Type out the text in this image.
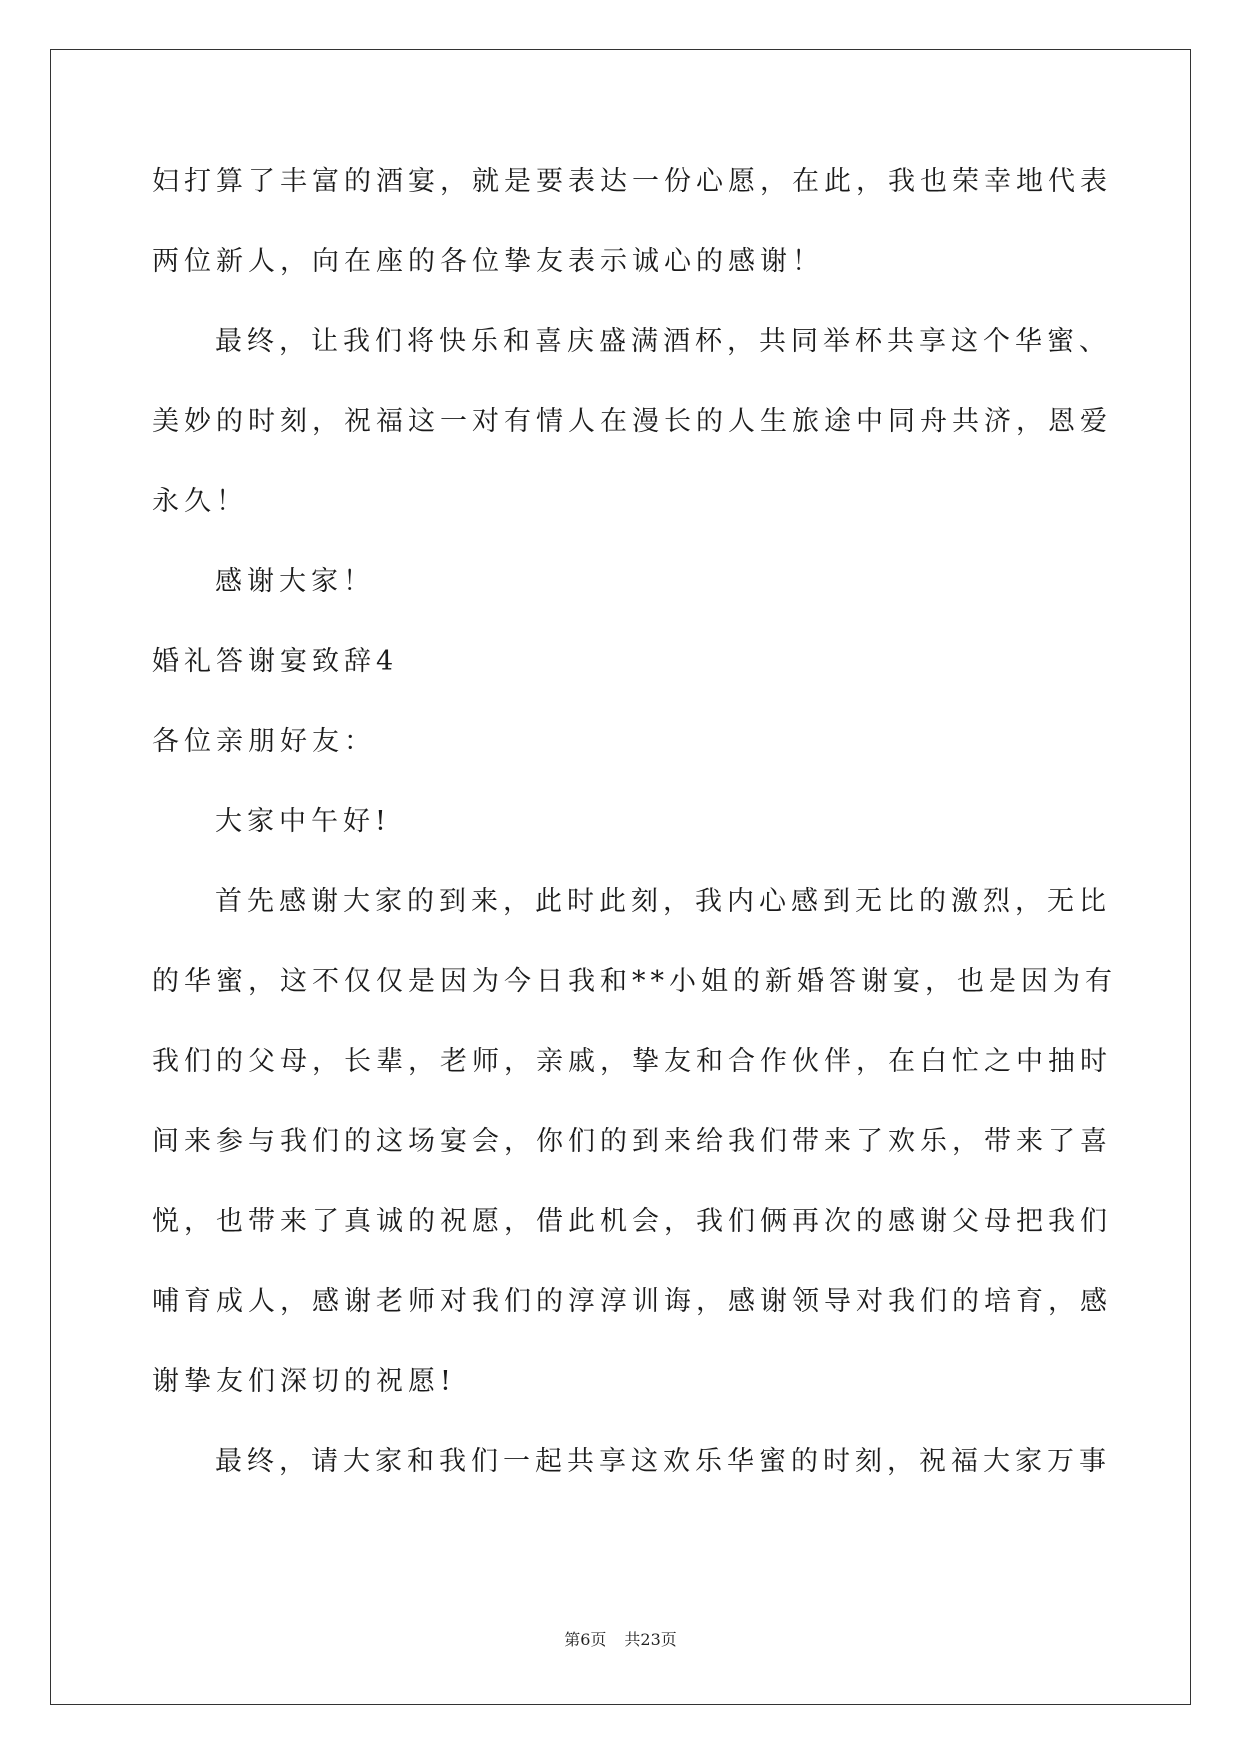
妇打算了丰富的酒宴，就是要表达一份心愿，在此，我也荣幸地代表
两位新人，向在座的各位挚友表示诚心的感谢！
最终，让我们将快乐和喜庆盛满酒杯，共同举杯共享这个华蜜、
美妙的时刻，祝福这一对有情人在漫长的人生旅途中同舟共济，恩爱
永久！
感谢大家！
婚礼答谢宴致辞4
各位亲朋好友：
大家中午好!
首先感谢大家的到来，此时此刻，我内心感到无比的激烈，无比
的华蜜，这不仅仅是因为今日我和**小姐的新婚答谢宴，也是因为有
我们的父母，长辈，老师，亲戚，挚友和合作伙伴，在白忙之中抽时
间来参与我们的这场宴会，你们的到来给我们带来了欢乐，带来了喜
悦，也带来了真诚的祝愿，借此机会，我们俩再次的感谢父母把我们
哺育成人，感谢老师对我们的淳淳训诲，感谢领导对我们的培育，感
谢挚友们深切的祝愿!
最终，请大家和我们一起共享这欢乐华蜜的时刻，祝福大家万事
第6页 共23页
